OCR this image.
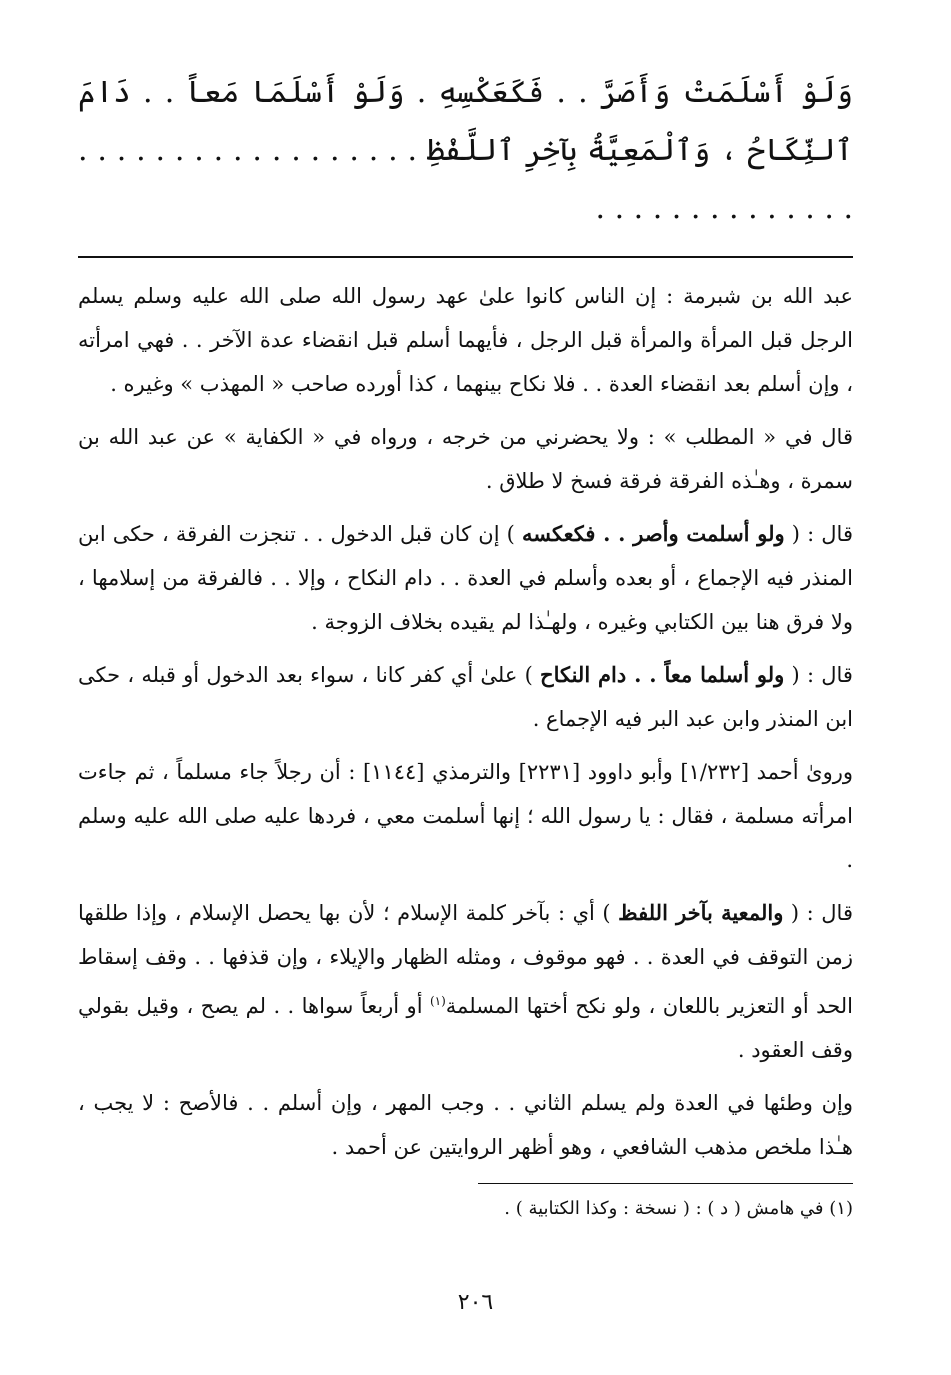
وَلَوْ أَسْلَمَتْ وَأَصَرَّ . . فَكَعَكْسِهِ . وَلَوْ أَسْلَمَا مَعاً . . دَامَ ٱلنِّكَاحُ ، وَٱلْمَعِيَّةُ بِآخِرِ ٱللَّفْظِ . . . . . . . . . . . . . . . . . . . . . . . . . . . . . . . .

عبد الله بن شبرمة : إن الناس كانوا علىٰ عهد رسول الله صلى الله عليه وسلم يسلم الرجل قبل المرأة والمرأة قبل الرجل ، فأيهما أسلم قبل انقضاء عدة الآخر . . فهي امرأته ، وإن أسلم بعد انقضاء العدة . . فلا نكاح بينهما ، كذا أورده صاحب « المهذب » وغيره .

قال في « المطلب » : ولا يحضرني من خرجه ، ورواه في « الكفاية » عن عبد الله بن سمرة ، وهـٰذه الفرقة فرقة فسخ لا طلاق .

قال : ( ولو أسلمت وأصر . . فكعكسه ) إن كان قبل الدخول . . تنجزت الفرقة ، حكى ابن المنذر فيه الإجماع ، أو بعده وأسلم في العدة . . دام النكاح ، وإلا . . فالفرقة من إسلامها ، ولا فرق هنا بين الكتابي وغيره ، ولهـٰذا لم يقيده بخلاف الزوجة .

قال : ( ولو أسلما معاً . . دام النكاح ) علىٰ أي كفر كانا ، سواء بعد الدخول أو قبله ، حكى ابن المنذر وابن عبد البر فيه الإجماع .

وروىٰ أحمد [١/٢٣٢] وأبو داوود [٢٢٣١] والترمذي [١١٤٤] : أن رجلاً جاء مسلماً ، ثم جاءت امرأته مسلمة ، فقال : يا رسول الله ؛ إنها أسلمت معي ، فردها عليه صلى الله عليه وسلم .

قال : ( والمعية بآخر اللفظ ) أي : بآخر كلمة الإسلام ؛ لأن بها يحصل الإسلام ، وإذا طلقها زمن التوقف في العدة . . فهو موقوف ، ومثله الظهار والإيلاء ، وإن قذفها . . وقف إسقاط الحد أو التعزير باللعان ، ولو نكح أختها المسلمة$^{(١)}$ أو أربعاً سواها . . لم يصح ، وقيل بقولي وقف العقود .

وإن وطئها في العدة ولم يسلم الثاني . . وجب المهر ، وإن أسلم . . فالأصح : لا يجب ، هـٰذا ملخص مذهب الشافعي ، وهو أظهر الروايتين عن أحمد .

(١) في هامش ( د ) : ( نسخة : وكذا الكتابية ) .
٢٠٦
